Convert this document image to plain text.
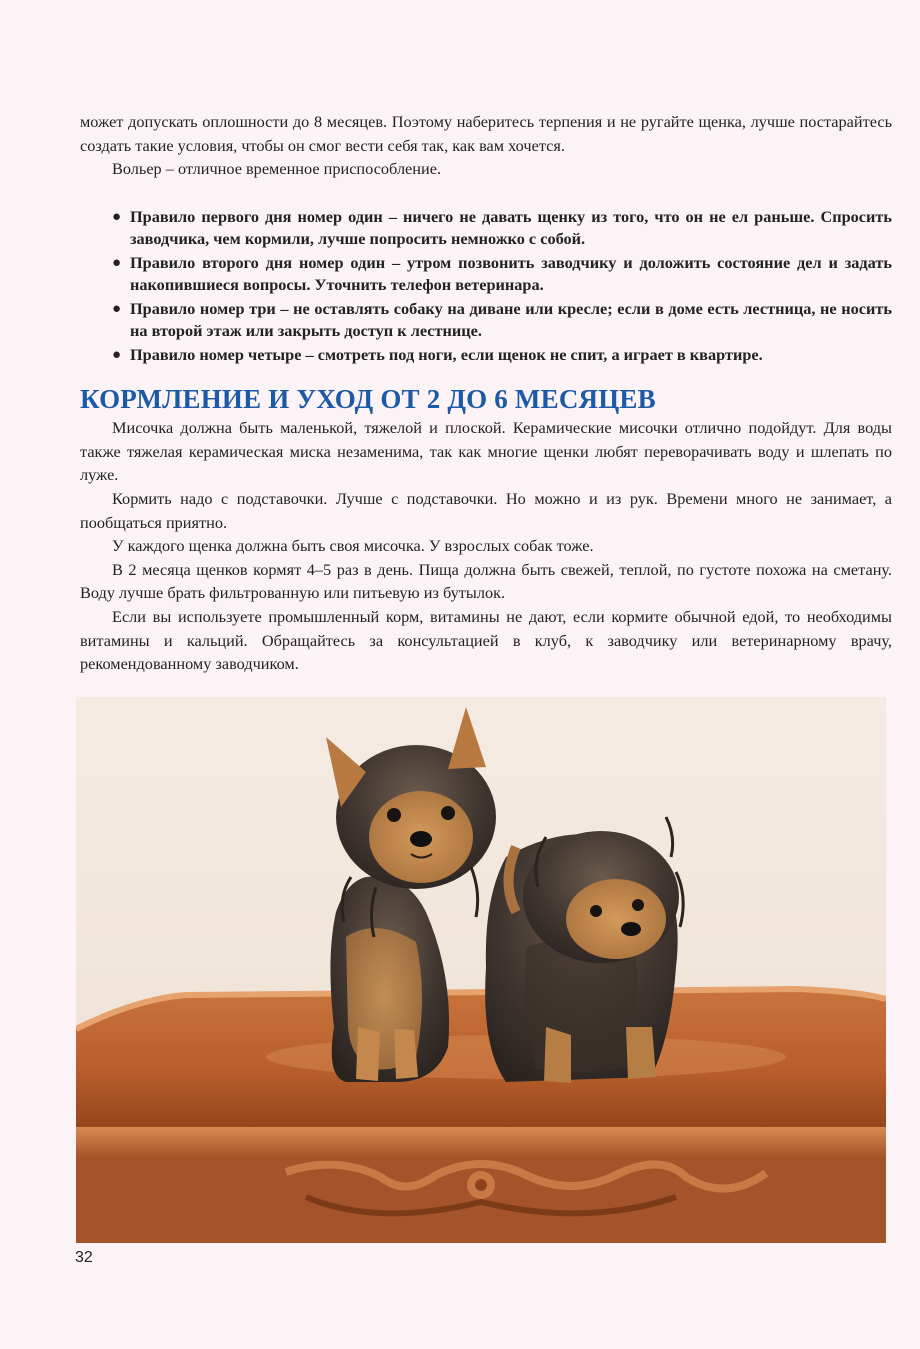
может допускать оплошности до 8 месяцев. Поэтому наберитесь терпения и не ругайте щенка, лучше постарайтесь создать такие условия, чтобы он смог вести себя так, как вам хочется.

Вольер – отличное временное приспособление.

● Правило первого дня номер один – ничего не давать щенку из того, что он не ел раньше. Спросить заводчика, чем кормили, лучше попросить немножко с собой.
● Правило второго дня номер один – утром позвонить заводчику и доложить состояние дел и задать накопившиеся вопросы. Уточнить телефон ветеринара.
● Правило номер три – не оставлять собаку на диване или кресле; если в доме есть лестница, не носить на второй этаж или закрыть доступ к лестнице.
● Правило номер четыре – смотреть под ноги, если щенок не спит, а играет в квартире.
КОРМЛЕНИЕ И УХОД ОТ 2 ДО 6 МЕСЯЦЕВ

Мисочка должна быть маленькой, тяжелой и плоской. Керамические мисочки отлично подойдут. Для воды также тяжелая керамическая миска незаменима, так как многие щенки любят переворачивать воду и шлепать по луже.

Кормить надо с подставочки. Лучше с подставочки. Но можно и из рук. Времени много не занимает, а пообщаться приятно.

У каждого щенка должна быть своя мисочка. У взрослых собак тоже.

В 2 месяца щенков кормят 4–5 раз в день. Пища должна быть свежей, теплой, по густоте похожа на сметану. Воду лучше брать фильтрованную или питьевую из бутылок.

Если вы используете промышленный корм, витамины не дают, если кормите обычной едой, то необходимы витамины и кальций. Обращайтесь за консультацией в клуб, к заводчику или ветеринарному врачу, рекомендованному заводчиком.

32
